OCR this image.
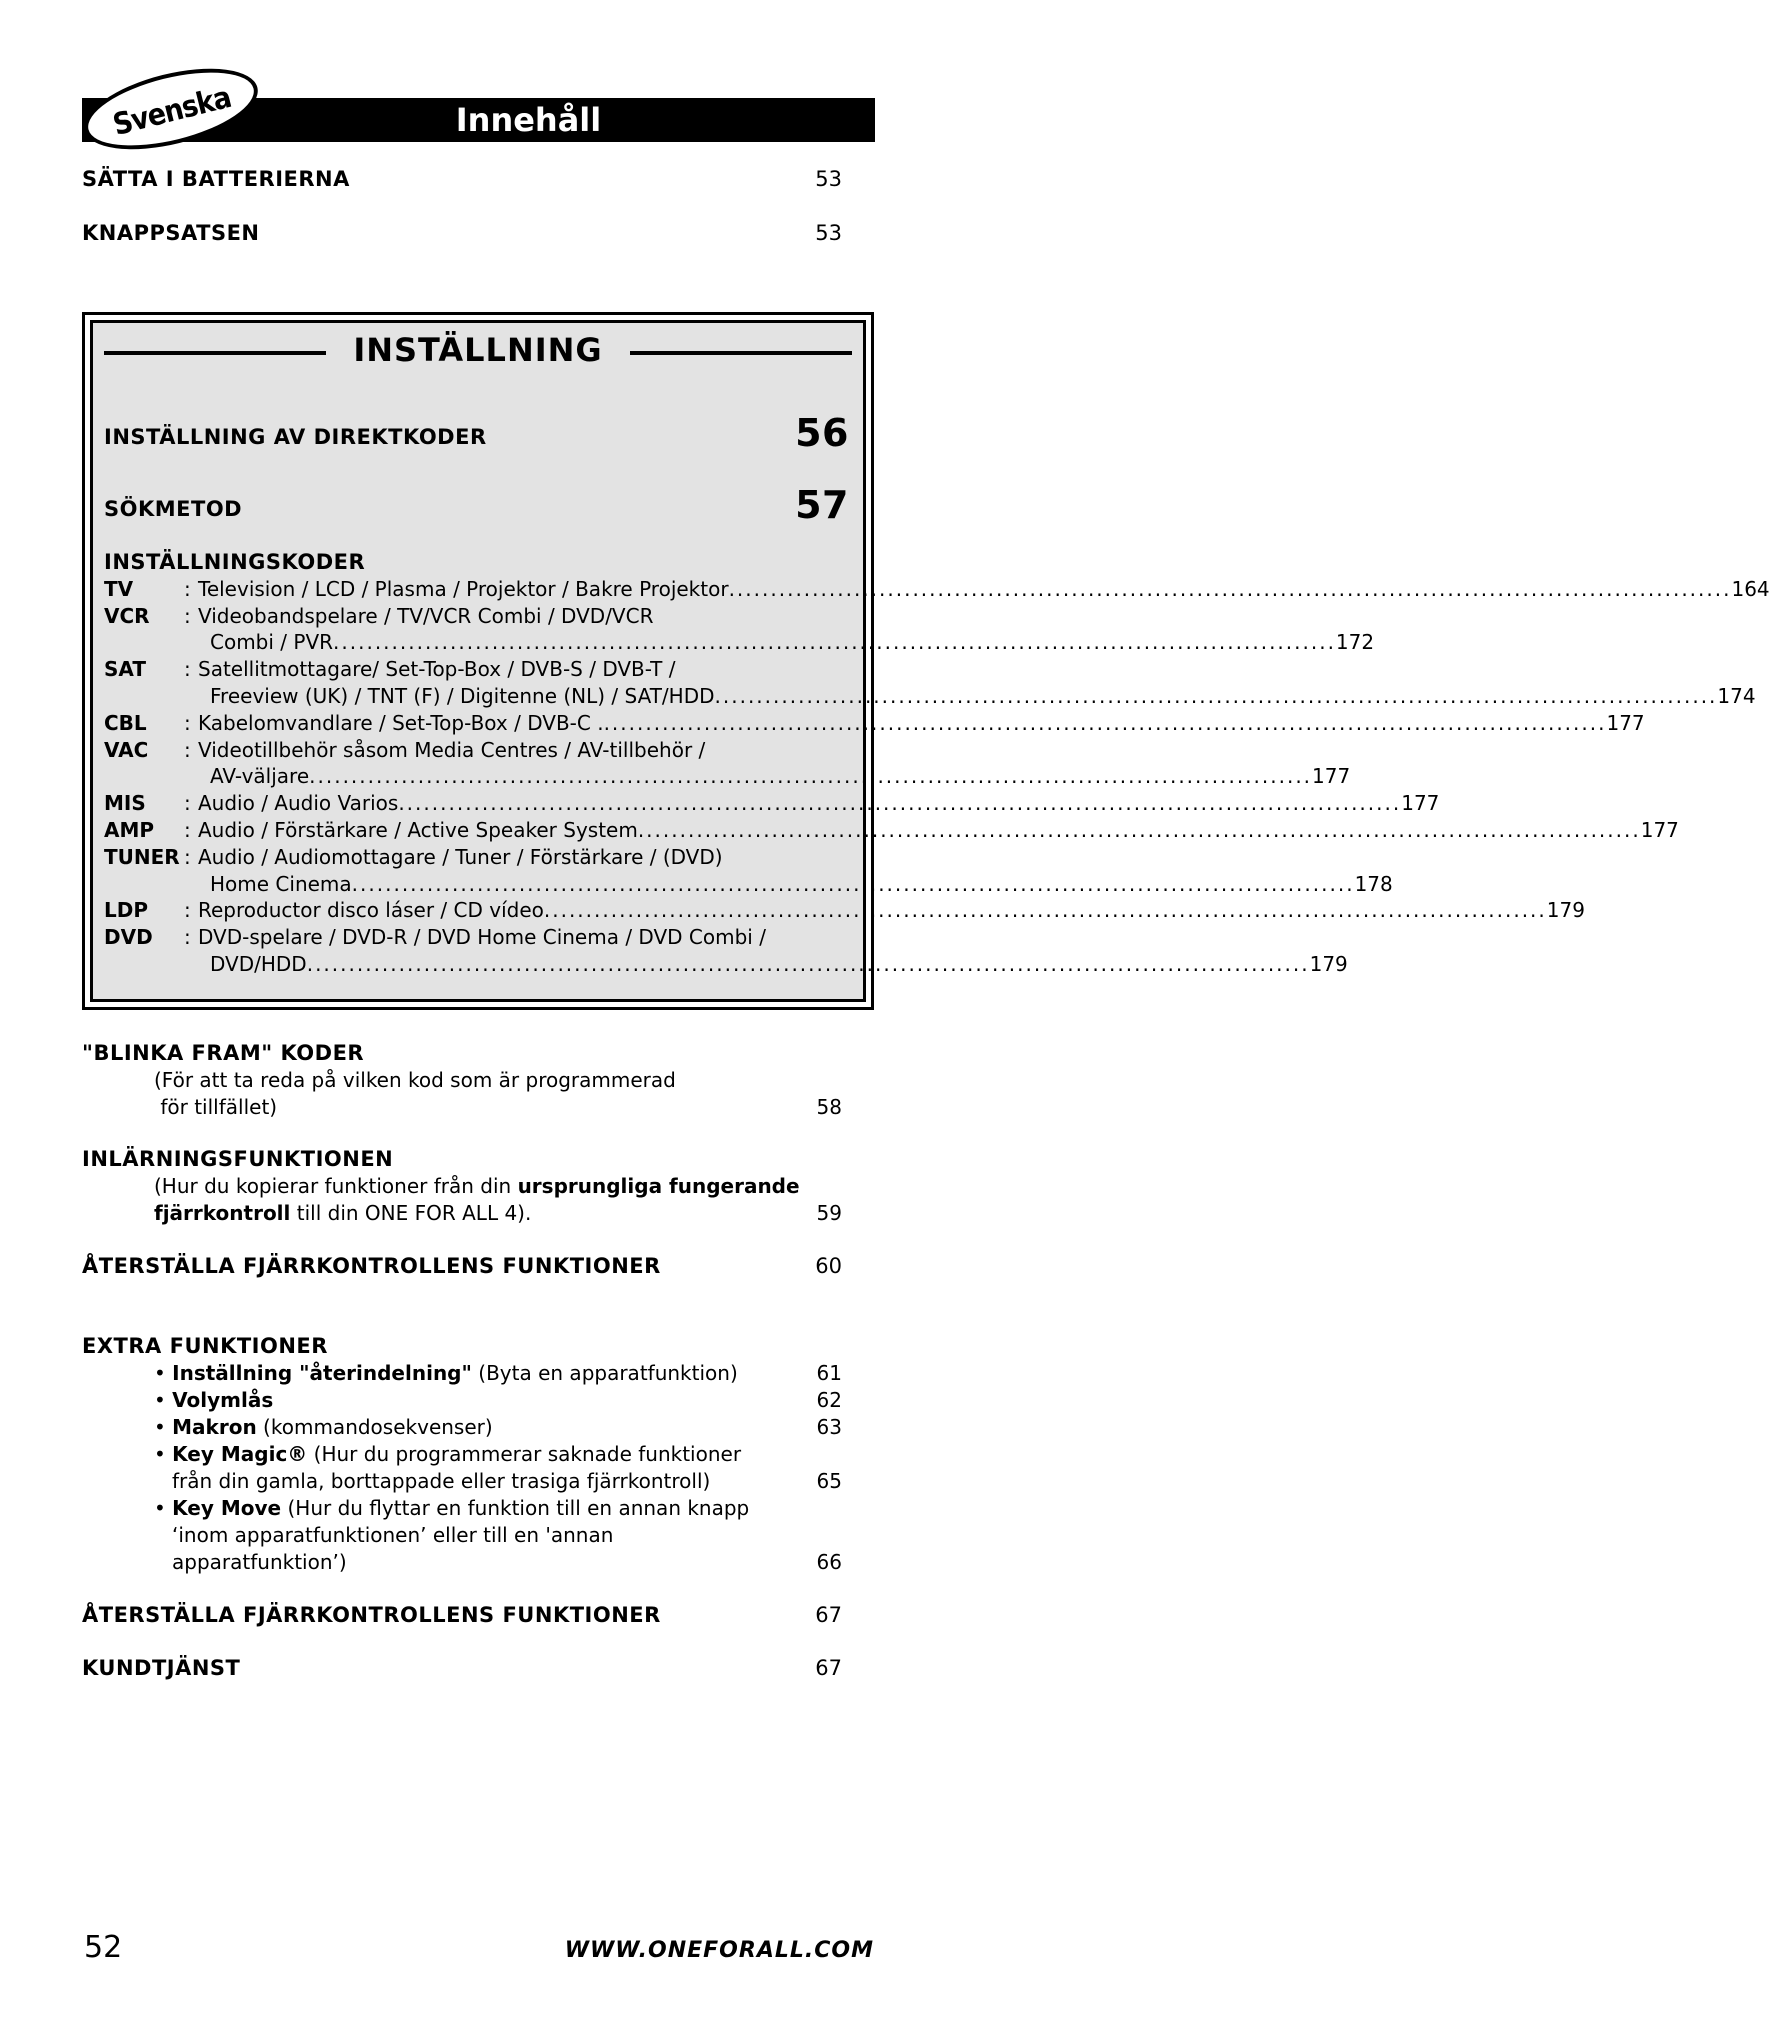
Innehåll
Svenska
SÄTTA I BATTERIERNA	53
KNAPPSATSEN	53
INSTÄLLNING
INSTÄLLNING AV DIREKTKODER	56
SÖKMETOD	57
INSTÄLLNINGSKODER
TV	: Television / LCD / Plasma / Projektor / Bakre Projektor ........................................................................................................................ 164
VCR	: Videobandspelare / TV/VCR Combi / DVD/VCR
Combi / PVR ........................................................................................................................ 172
SAT	: Satellitmottagare/ Set-Top-Box / DVB-S / DVB-T /
Freeview (UK) / TNT (F) / Digitenne (NL) / SAT/HDD ........................................................................................................................ 174
CBL	: Kabelomvandlare / Set-Top-Box / DVB-C . ........................................................................................................................ 177
VAC	: Videotillbehör såsom Media Centres / AV-tillbehör /
AV-väljare ........................................................................................................................ 177
MIS	: Audio / Audio Varios ........................................................................................................................ 177
AMP	: Audio / Förstärkare / Active Speaker System ........................................................................................................................ 177
TUNER : Audio / Audiomottagare / Tuner / Förstärkare / (DVD)
Home Cinema ........................................................................................................................ 178
LDP	: Reproductor disco láser / CD vídeo ........................................................................................................................ 179
DVD	: DVD-spelare / DVD-R / DVD Home Cinema / DVD Combi /
DVD/HDD ........................................................................................................................ 179
"BLINKA FRAM" KODER
(För att ta reda på vilken kod som är programmerad
för tillfället)	58
INLÄRNINGSFUNKTIONEN
(Hur du kopierar funktioner från din ursprungliga fungerande
fjärrkontroll till din ONE FOR ALL 4).	59
ÅTERSTÄLLA FJÄRRKONTROLLENS FUNKTIONER	60
EXTRA FUNKTIONER
• Inställning "återindelning" (Byta en apparatfunktion)	61
• Volymlås	62
• Makron (kommandosekvenser)	63
• Key Magic® (Hur du programmerar saknade funktioner
från din gamla, borttappade eller trasiga fjärrkontroll)	65
• Key Move (Hur du flyttar en funktion till en annan knapp
‘inom apparatfunktionen’ eller till en 'annan
apparatfunktion’)	66
ÅTERSTÄLLA FJÄRRKONTROLLENS FUNKTIONER	67
KUNDTJÄNST	67
52	WWW.ONEFORALL.COM
